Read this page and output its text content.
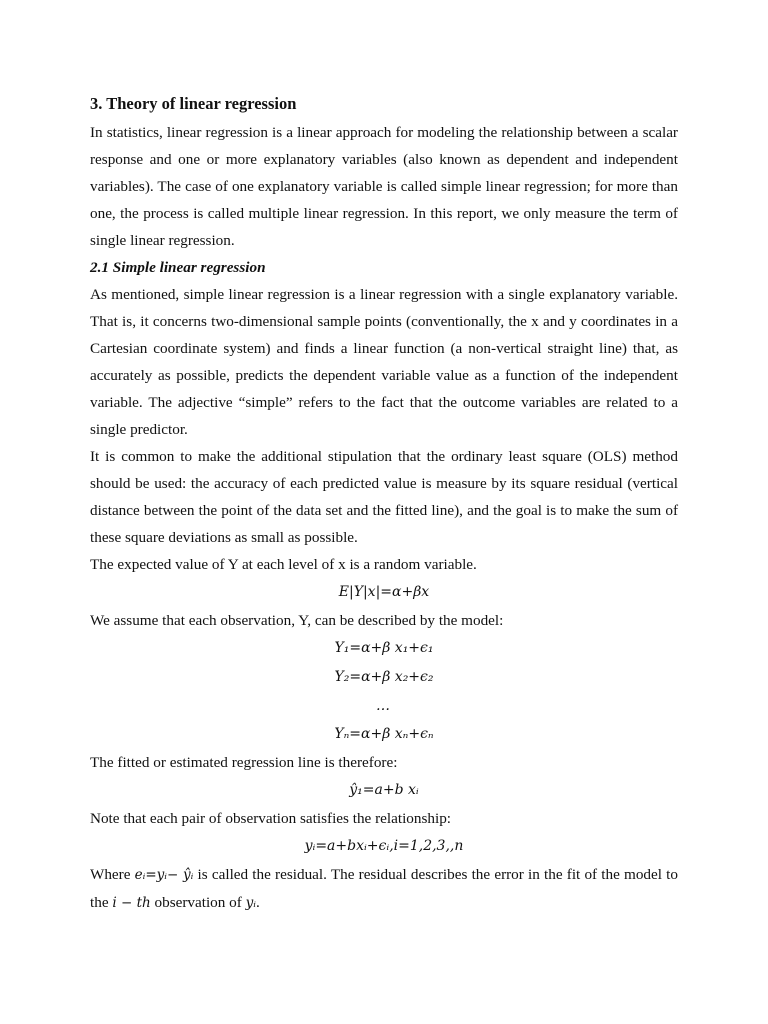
3. Theory of linear regression

In statistics, linear regression is a linear approach for modeling the relationship between a scalar response and one or more explanatory variables (also known as dependent and independent variables). The case of one explanatory variable is called simple linear regression; for more than one, the process is called multiple linear regression. In this report, we only measure the term of single linear regression.

2.1 Simple linear regression

As mentioned, simple linear regression is a linear regression with a single explanatory variable. That is, it concerns two-dimensional sample points (conventionally, the x and y coordinates in a Cartesian coordinate system) and finds a linear function (a non-vertical straight line) that, as accurately as possible, predicts the dependent variable value as a function of the independent variable. The adjective “simple” refers to the fact that the outcome variables are related to a single predictor.

It is common to make the additional stipulation that the ordinary least square (OLS) method should be used: the accuracy of each predicted value is measure by its square residual (vertical distance between the point of the data set and the fitted line), and the goal is to make the sum of these square deviations as small as possible.

The expected value of Y at each level of x is a random variable.

E|Y|x|=α+βx

We assume that each observation, Y, can be described by the model:

Y₁=α+β x₁+ϵ₁
Y₂=α+β x₂+ϵ₂
…
Yₙ=α+β xₙ+ϵₙ

The fitted or estimated regression line is therefore:

ŷ₁=a+b xᵢ

Note that each pair of observation satisfies the relationship:

yᵢ=a+bxᵢ+ϵᵢ,i=1,2,3,,n

Where eᵢ=yᵢ− ŷᵢ is called the residual. The residual describes the error in the fit of the model to the i − th observation of yᵢ.
